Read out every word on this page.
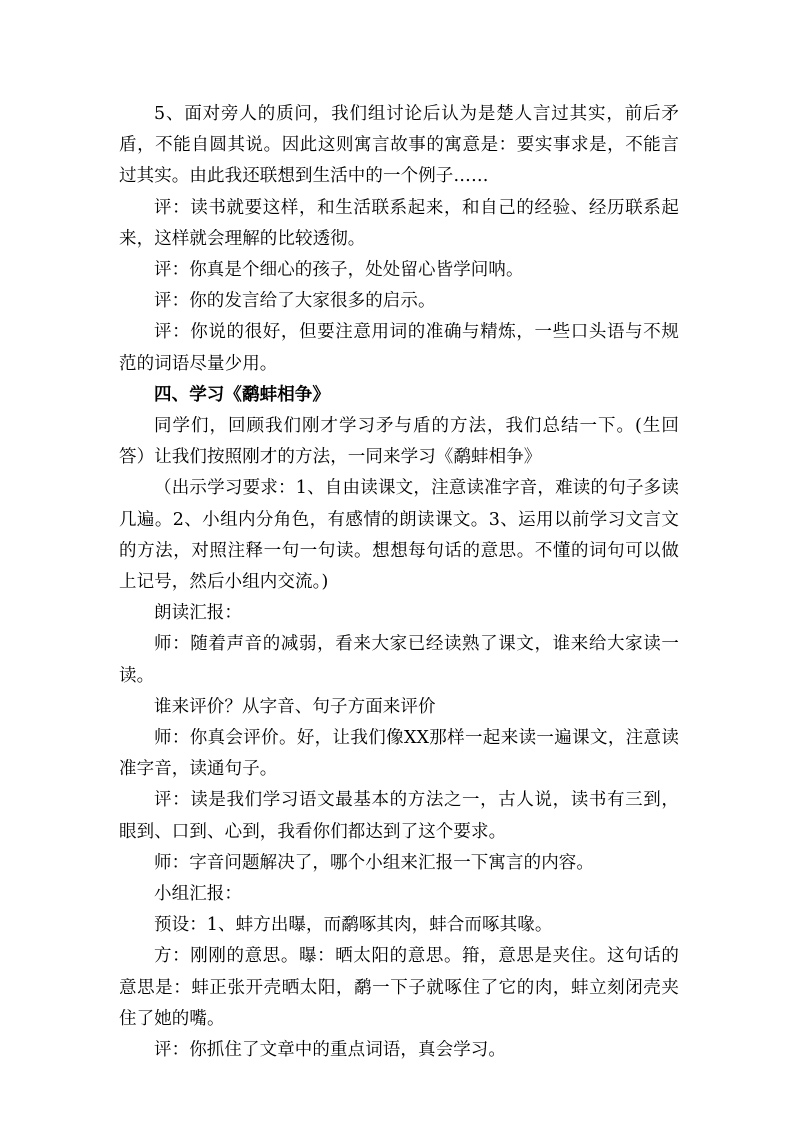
5、面对旁人的质问，我们组讨论后认为是楚人言过其实，前后矛盾，不能自圆其说。因此这则寓言故事的寓意是：要实事求是，不能言过其实。由此我还联想到生活中的一个例子……

评：读书就要这样，和生活联系起来，和自己的经验、经历联系起来，这样就会理解的比较透彻。

评：你真是个细心的孩子，处处留心皆学问呐。

评：你的发言给了大家很多的启示。

评：你说的很好，但要注意用词的准确与精炼，一些口头语与不规范的词语尽量少用。

四、学习《鹬蚌相争》

同学们，回顾我们刚才学习矛与盾的方法，我们总结一下。(生回答）让我们按照刚才的方法，一同来学习《鹬蚌相争》

（出示学习要求：1、自由读课文，注意读准字音，难读的句子多读几遍。2、小组内分角色，有感情的朗读课文。3、运用以前学习文言文的方法，对照注释一句一句读。想想每句话的意思。不懂的词句可以做上记号，然后小组内交流。)

朗读汇报：

师：随着声音的减弱，看来大家已经读熟了课文，谁来给大家读一读。

谁来评价？从字音、句子方面来评价

师：你真会评价。好，让我们像XX那样一起来读一遍课文，注意读准字音，读通句子。

评：读是我们学习语文最基本的方法之一，古人说，读书有三到，眼到、口到、心到，我看你们都达到了这个要求。

师：字音问题解决了，哪个小组来汇报一下寓言的内容。

小组汇报：

预设：1、蚌方出曝，而鹬啄其肉，蚌合而啄其喙。

方：刚刚的意思。曝：晒太阳的意思。箝，意思是夹住。这句话的意思是：蚌正张开壳晒太阳，鹬一下子就啄住了它的肉，蚌立刻闭壳夹住了她的嘴。

评：你抓住了文章中的重点词语，真会学习。
